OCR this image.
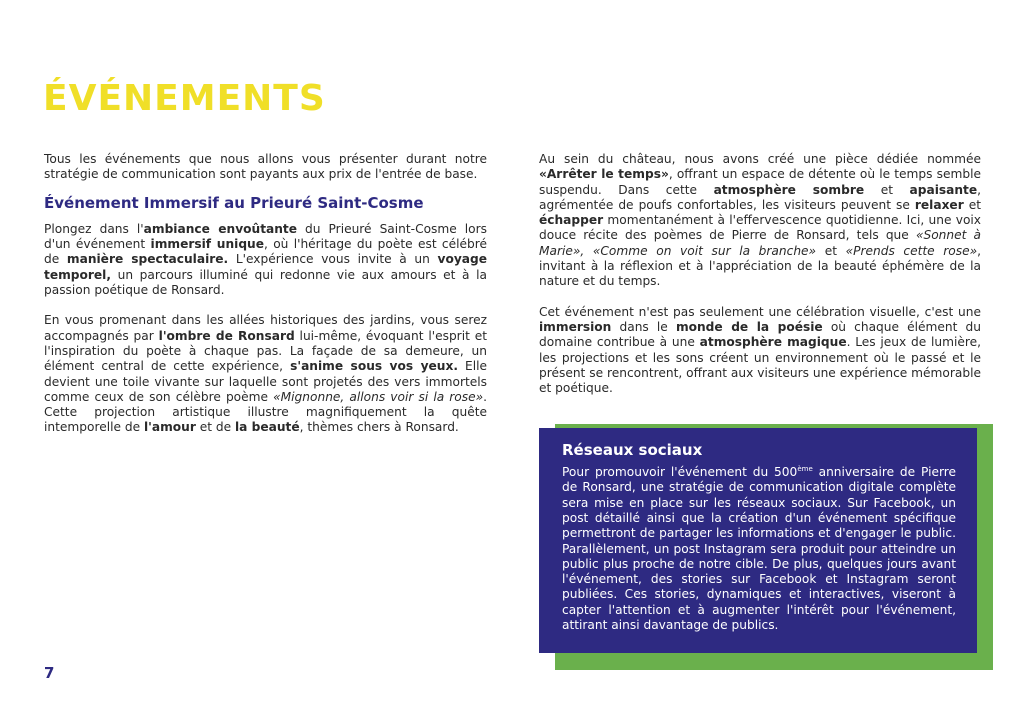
ÉVÉNEMENTS

Tous les événements que nous allons vous présenter durant notre stratégie de communication sont payants aux prix de l'entrée de base.

Événement Immersif au Prieuré Saint-Cosme

Plongez dans l'ambiance envoûtante du Prieuré Saint-Cosme lors d'un événement immersif unique, où l'héritage du poète est célébré de manière spectaculaire. L'expérience vous invite à un voyage temporel, un parcours illuminé qui redonne vie aux amours et à la passion poétique de Ronsard.

En vous promenant dans les allées historiques des jardins, vous serez accompagnés par l'ombre de Ronsard lui-même, évoquant l'esprit et l'inspiration du poète à chaque pas. La façade de sa demeure, un élément central de cette expérience, s'anime sous vos yeux. Elle devient une toile vivante sur laquelle sont projetés des vers immortels comme ceux de son célèbre poème «Mignonne, allons voir si la rose». Cette projection artistique illustre magnifiquement la quête intemporelle de l'amour et de la beauté, thèmes chers à Ronsard.

Au sein du château, nous avons créé une pièce dédiée nommée «Arrêter le temps», offrant un espace de détente où le temps semble suspendu. Dans cette atmosphère sombre et apaisante, agrémentée de poufs confortables, les visiteurs peuvent se relaxer et échapper momentanément à l'effervescence quotidienne. Ici, une voix douce récite des poèmes de Pierre de Ronsard, tels que «Sonnet à Marie», «Comme on voit sur la branche» et «Prends cette rose», invitant à la réflexion et à l'appréciation de la beauté éphémère de la nature et du temps.

Cet événement n'est pas seulement une célébration visuelle, c'est une immersion dans le monde de la poésie où chaque élément du domaine contribue à une atmosphère magique. Les jeux de lumière, les projections et les sons créent un environnement où le passé et le présent se rencontrent, offrant aux visiteurs une expérience mémorable et poétique.

Réseaux sociaux

Pour promouvoir l'événement du 500ème anniversaire de Pierre de Ronsard, une stratégie de communication digitale complète sera mise en place sur les réseaux sociaux. Sur Facebook, un post détaillé ainsi que la création d'un événement spécifique permettront de partager les informations et d'engager le public. Parallèlement, un post Instagram sera produit pour atteindre un public plus proche de notre cible. De plus, quelques jours avant l'événement, des stories sur Facebook et Instagram seront publiées. Ces stories, dynamiques et interactives, viseront à capter l'attention et à augmenter l'intérêt pour l'événement, attirant ainsi davantage de publics.

7
